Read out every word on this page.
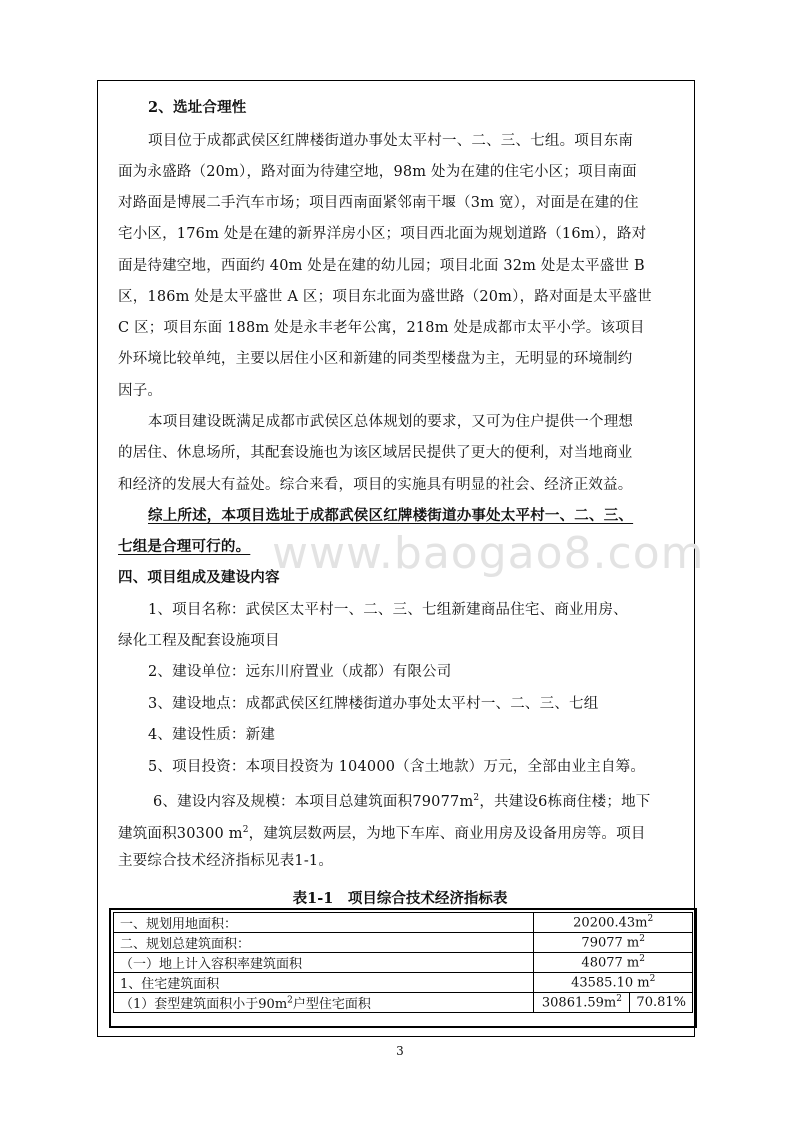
www.baogao8.com
2、选址合理性
项目位于成都武侯区红牌楼街道办事处太平村一、二、三、七组。项目东南
面为永盛路（20m），路对面为待建空地，98m 处为在建的住宅小区；项目南面
对路面是博展二手汽车市场；项目西南面紧邻南干堰（3m 宽），对面是在建的住
宅小区，176m 处是在建的新界洋房小区；项目西北面为规划道路（16m），路对
面是待建空地，西面约 40m 处是在建的幼儿园；项目北面 32m 处是太平盛世 B
区，186m 处是太平盛世 A 区；项目东北面为盛世路（20m），路对面是太平盛世
C 区；项目东面 188m 处是永丰老年公寓，218m 处是成都市太平小学。该项目
外环境比较单纯，主要以居住小区和新建的同类型楼盘为主，无明显的环境制约
因子。
本项目建设既满足成都市武侯区总体规划的要求，又可为住户提供一个理想
的居住、休息场所，其配套设施也为该区域居民提供了更大的便利，对当地商业
和经济的发展大有益处。综合来看，项目的实施具有明显的社会、经济正效益。
综上所述，本项目选址于成都武侯区红牌楼街道办事处太平村一、二、三、
七组是合理可行的。
四、项目组成及建设内容
1、项目名称：武侯区太平村一、二、三、七组新建商品住宅、商业用房、
绿化工程及配套设施项目
2、建设单位：远东川府置业（成都）有限公司
3、建设地点：成都武侯区红牌楼街道办事处太平村一、二、三、七组
4、建设性质：新建
5、项目投资：本项目投资为 104000（含土地款）万元，全部由业主自筹。
6、建设内容及规模：本项目总建筑面积$79077m^2$，共建设6栋商住楼；地下
建筑面积30300 $m^2$，建筑层数两层，为地下车库、商业用房及设备用房等。项目
主要综合技术经济指标见表1-1。
表1-1　项目综合技术经济指标表
一、规划用地面积：	$20200.43m^2$
二、规划总建筑面积：	79077 $m^2$
（一）地上计入容积率建筑面积	48077 $m^2$
1、住宅建筑面积	43585.10 $m^2$
（1）套型建筑面积小于$90m^2$户型住宅面积	$30861.59m^2$	70.81%
3
